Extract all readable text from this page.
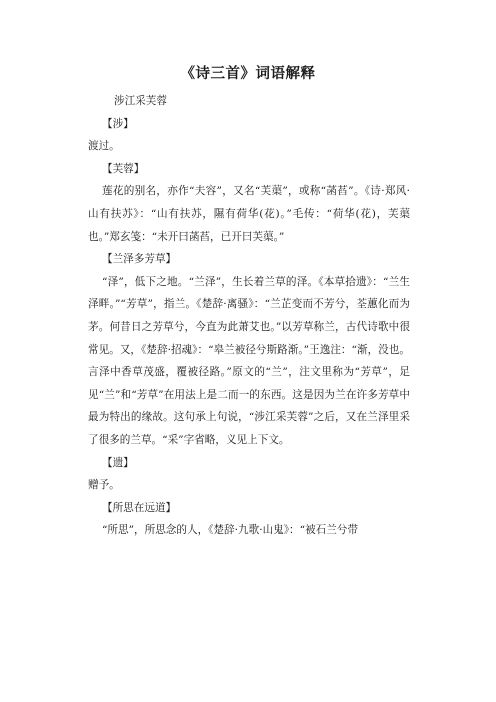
《诗三首》词语解释

涉江采芙蓉

【涉】

渡过。

【芙蓉】

莲花的别名，亦作“夫容”，又名“芙蕖”，或称“菡萏”。《诗·郑风·山有扶苏》：“山有扶苏，隰有荷华(花)。”毛传：“荷华(花)，芙蕖也。”郑玄笺：“未开曰菡萏，已开曰芙蕖。”

【兰泽多芳草】

“泽”，低下之地。“兰泽”，生长着兰草的泽。《本草拾遗》：“兰生泽畔。”“芳草”，指兰。《楚辞·离骚》：“兰芷变而不芳兮，荃蕙化而为茅。何昔日之芳草兮，今直为此萧艾也。”以芳草称兰，古代诗歌中很常见。又，《楚辞·招魂》：“皋兰被径兮斯路渐。”王逸注：“渐，没也。言泽中香草茂盛，覆被径路。”原文的“兰”，注文里称为“芳草”，足见“兰”和“芳草”在用法上是二而一的东西。这是因为兰在许多芳草中最为特出的缘故。这句承上句说，“涉江采芙蓉”之后，又在兰泽里采了很多的兰草。“采”字省略，义见上下文。

【遗】

赠予。

【所思在远道】

“所思”，所思念的人，《楚辞·九歌·山鬼》：“被石兰兮带
